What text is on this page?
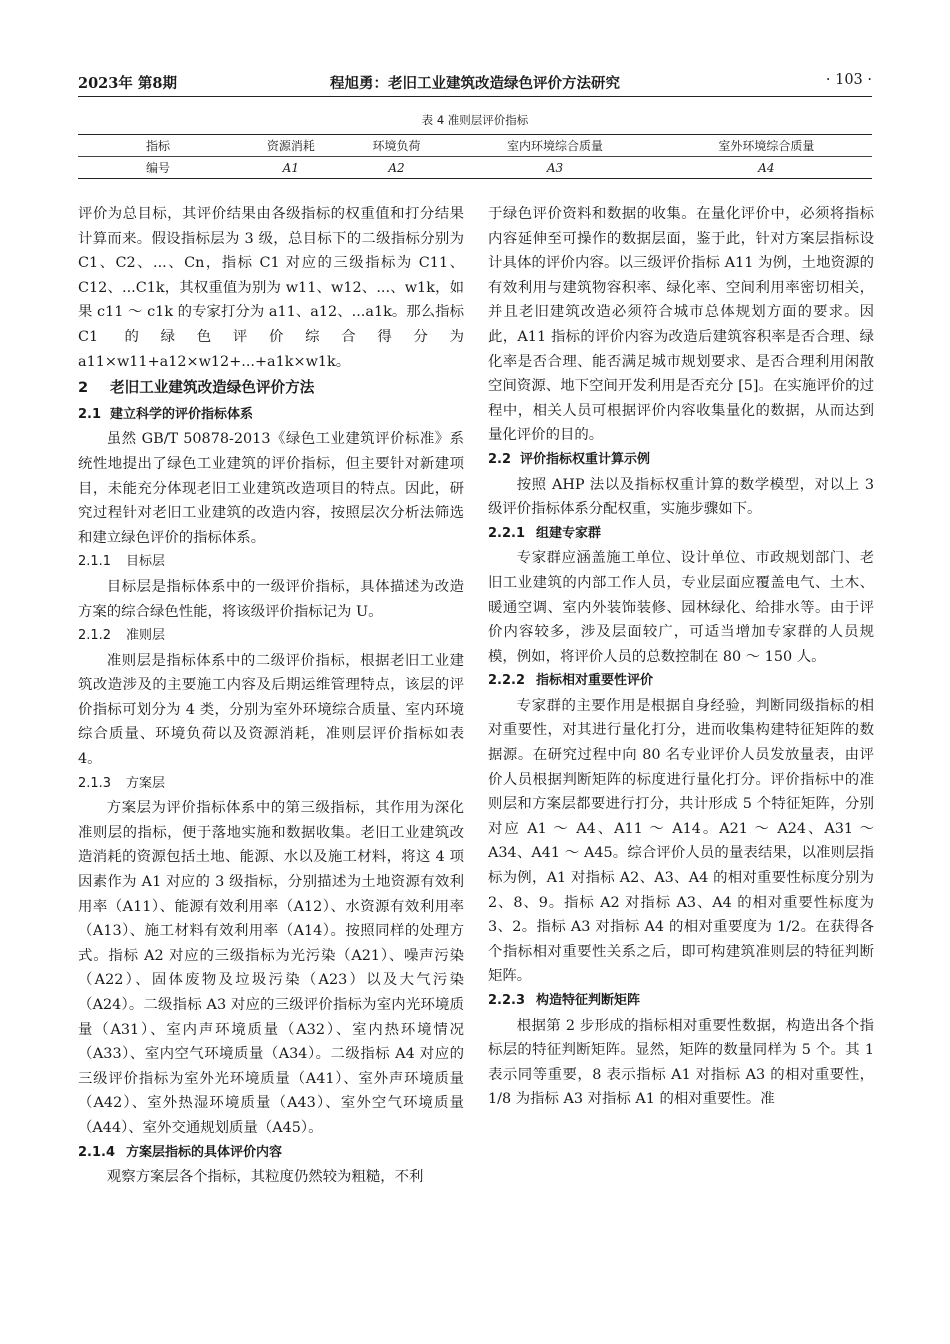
2023年 第8期	程旭勇：老旧工业建筑改造绿色评价方法研究	· 103 ·
表 4 准则层评价指标
指标	资源消耗	环境负荷	室内环境综合质量	室外环境综合质量
编号	A1	A2	A3	A4

评价为总目标，其评价结果由各级指标的权重值和打分结果计算而来。假设指标层为 3 级，总目标下的二级指标分别为 C1、C2、...、Cn，指标 C1 对应的三级指标为 C11、C12、...C1k，其权重值为别为 w11、w12、...、w1k，如果 c11 ～ c1k 的专家打分为 a11、a12、...a1k。那么指标 C1 的绿色评价综合得分为 a11×w11+a12×w12+...+a1k×w1k。

2 老旧工业建筑改造绿色评价方法
2.1 建立科学的评价指标体系

虽然 GB/T 50878-2013《绿色工业建筑评价标准》系统性地提出了绿色工业建筑的评价指标，但主要针对新建项目，未能充分体现老旧工业建筑改造项目的特点。因此，研究过程针对老旧工业建筑的改造内容，按照层次分析法筛选和建立绿色评价的指标体系。

2.1.1 目标层

目标层是指标体系中的一级评价指标，具体描述为改造方案的综合绿色性能，将该级评价指标记为 U。

2.1.2 准则层

准则层是指标体系中的二级评价指标，根据老旧工业建筑改造涉及的主要施工内容及后期运维管理特点，该层的评价指标可划分为 4 类，分别为室外环境综合质量、室内环境综合质量、环境负荷以及资源消耗，准则层评价指标如表 4。

2.1.3 方案层

方案层为评价指标体系中的第三级指标，其作用为深化准则层的指标，便于落地实施和数据收集。老旧工业建筑改造消耗的资源包括土地、能源、水以及施工材料，将这 4 项因素作为 A1 对应的 3 级指标，分别描述为土地资源有效利用率（A11）、能源有效利用率（A12）、水资源有效利用率（A13）、施工材料有效利用率（A14）。按照同样的处理方式。指标 A2 对应的三级指标为光污染（A21）、噪声污染（A22）、固体废物及垃圾污染（A23）以及大气污染（A24）。二级指标 A3 对应的三级评价指标为室内光环境质量（A31）、室内声环境质量（A32）、室内热环境情况（A33）、室内空气环境质量（A34）。二级指标 A4 对应的三级评价指标为室外光环境质量（A41）、室外声环境质量（A42）、室外热湿环境质量（A43）、室外空气环境质量（A44）、室外交通规划质量（A45）。

2.1.4 方案层指标的具体评价内容

观察方案层各个指标，其粒度仍然较为粗糙，不利

于绿色评价资料和数据的收集。在量化评价中，必须将指标内容延伸至可操作的数据层面，鉴于此，针对方案层指标设计具体的评价内容。以三级评价指标 A11 为例，土地资源的有效利用与建筑物容积率、绿化率、空间利用率密切相关，并且老旧建筑改造必须符合城市总体规划方面的要求。因此，A11 指标的评价内容为改造后建筑容积率是否合理、绿化率是否合理、能否满足城市规划要求、是否合理利用闲散空间资源、地下空间开发利用是否充分 [5]。在实施评价的过程中，相关人员可根据评价内容收集量化的数据，从而达到量化评价的目的。

2.2 评价指标权重计算示例

按照 AHP 法以及指标权重计算的数学模型，对以上 3 级评价指标体系分配权重，实施步骤如下。

2.2.1 组建专家群

专家群应涵盖施工单位、设计单位、市政规划部门、老旧工业建筑的内部工作人员，专业层面应覆盖电气、土木、暖通空调、室内外装饰装修、园林绿化、给排水等。由于评价内容较多，涉及层面较广，可适当增加专家群的人员规模，例如，将评价人员的总数控制在 80 ～ 150 人。

2.2.2 指标相对重要性评价

专家群的主要作用是根据自身经验，判断同级指标的相对重要性，对其进行量化打分，进而收集构建特征矩阵的数据源。在研究过程中向 80 名专业评价人员发放量表，由评价人员根据判断矩阵的标度进行量化打分。评价指标中的准则层和方案层都要进行打分，共计形成 5 个特征矩阵，分别对应 A1 ～ A4、A11 ～ A14。A21 ～ A24、A31 ～ A34、A41 ～ A45。综合评价人员的量表结果，以准则层指标为例，A1 对指标 A2、A3、A4 的相对重要性标度分别为 2、8、9。指标 A2 对指标 A3、A4 的相对重要性标度为 3、2。指标 A3 对指标 A4 的相对重要度为 1/2。在获得各个指标相对重要性关系之后，即可构建筑准则层的特征判断矩阵。

2.2.3 构造特征判断矩阵

根据第 2 步形成的指标相对重要性数据，构造出各个指标层的特征判断矩阵。显然，矩阵的数量同样为 5 个。其 1 表示同等重要，8 表示指标 A1 对指标 A3 的相对重要性，1/8 为指标 A3 对指标 A1 的相对重要性。准
